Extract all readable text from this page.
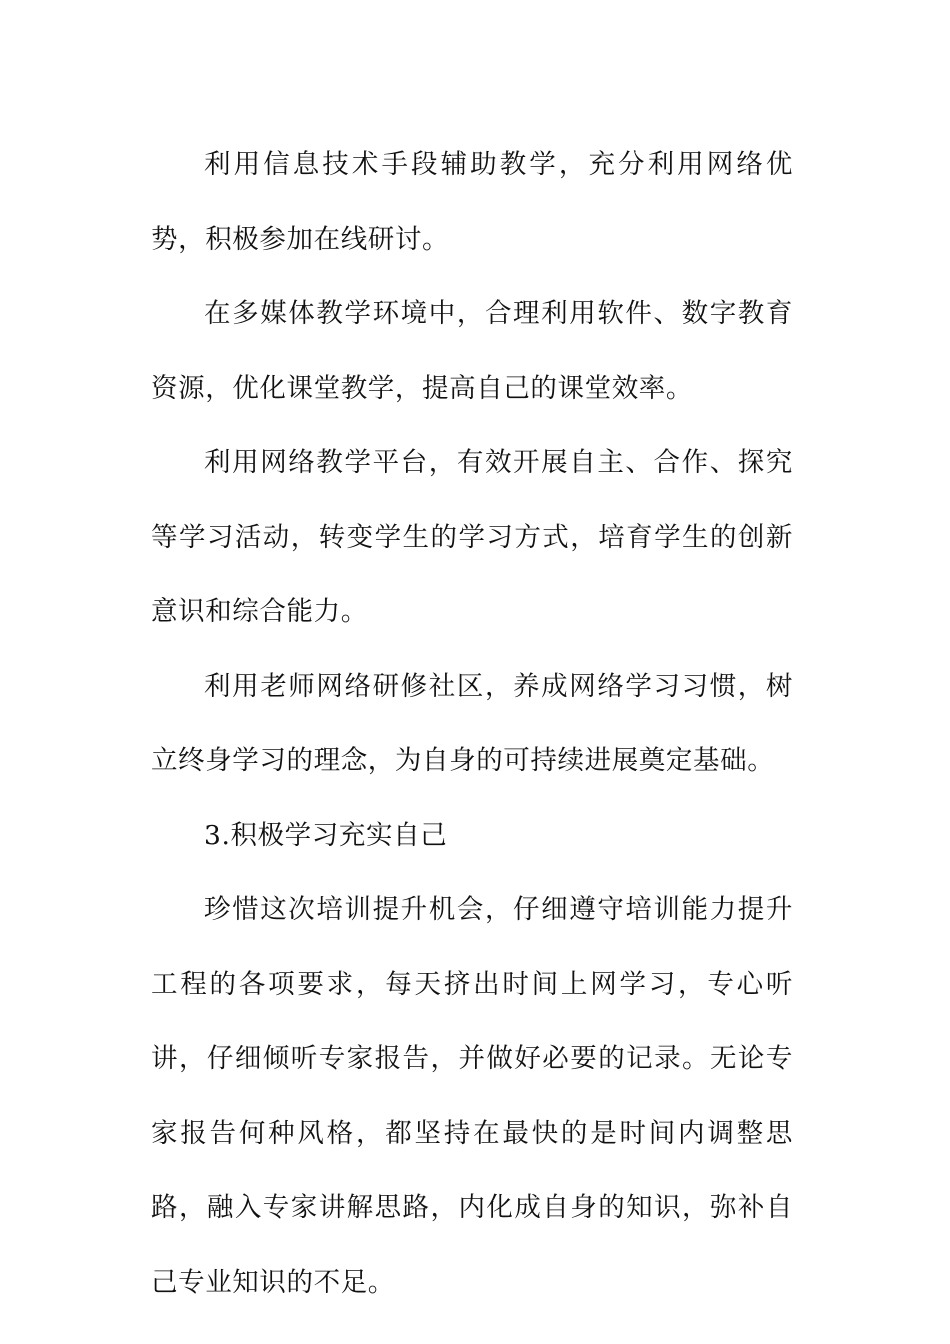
利用信息技术手段辅助教学，充分利用网络优势，积极参加在线研讨。

在多媒体教学环境中，合理利用软件、数字教育资源，优化课堂教学，提高自己的课堂效率。

利用网络教学平台，有效开展自主、合作、探究等学习活动，转变学生的学习方式，培育学生的创新意识和综合能力。

利用老师网络研修社区，养成网络学习习惯，树立终身学习的理念，为自身的可持续进展奠定基础。

3.积极学习充实自己

珍惜这次培训提升机会，仔细遵守培训能力提升工程的各项要求，每天挤出时间上网学习，专心听讲，仔细倾听专家报告，并做好必要的记录。无论专家报告何种风格，都坚持在最快的是时间内调整思路，融入专家讲解思路，内化成自身的知识，弥补自己专业知识的不足。
